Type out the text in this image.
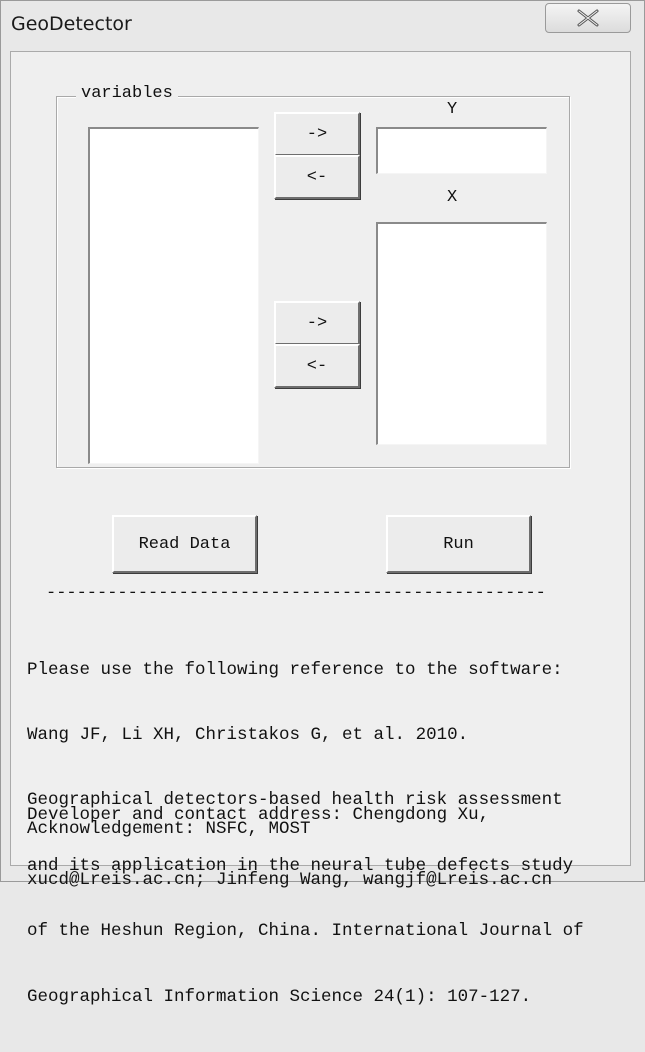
GeoDetector
variables
->
<-
Y
X
->
<-
Read Data	Run
-------------------------------------------------

Please use the following reference to the software:

Wang JF, Li XH, Christakos G, et al. 2010.

Geographical detectors-based health risk assessment

and its application in the neural tube defects study

of the Heshun Region, China. International Journal of

Geographical Information Science 24(1): 107-127.

Developer and contact address: Chengdong Xu,

xucd@Lreis.ac.cn; Jinfeng Wang, wangjf@Lreis.ac.cn

Acknowledgement: NSFC, MOST
